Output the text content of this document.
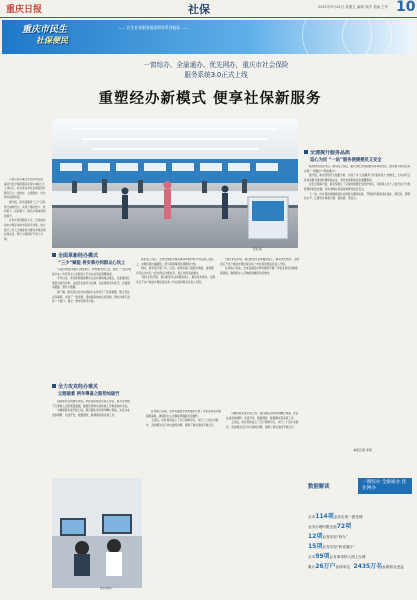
重庆日报	社保	2021年9月24日 星期五 编辑 刘洋 美编 王华 10
重庆市民生
社保便民
—— 民生社保服务提质增效系列报道 ——
一窗综办、全渝通办、优先网办，重庆市社会保险
服务系统3.0正式上线
重塑经办新模式 便享社保新服务

日前记者从重庆市社保局获悉，重庆市社会保险服务系统3.0版正式上线运行，标志着全市社会保险经办服务迈入一窗综办、全渝通办、优先网办的新阶段。

据介绍，新系统围绕“三少”目标进行重构设计，实现了跑动更少、材料更少、时间更少，群众办事体验明显提升。

在市社保局服务大厅，记者看到前来办理业务的市民秩序井然，综合窗口工作人员熟练地为群众办理各项社保业务，整个过程用时不到十分钟。

陈锐 摄
全面革新经办模式
“三少”赋能 将实事办到群众心坎上

“以前办理业务跑不同的窗口，材料要交好几次，现在一个窗口就能办完。”市民张女士在服务大厅办完业务后感慨地说。

今年以来，市社保局围绕群众企业办事的堵点难点，全面推进社保经办模式改革，以信息化建设为支撑，以流程再造为抓手，让数据多跑路、群众少跑腿。

据了解，新系统对全市社保经办业务进行了系统梳理，整合优化业务事项，实现了一窗受理、集成服务的综合柜员制，群众办事只需到一个窗口、提交一套材料即可办结。

新系统上线后，全市社保经办服务事项申报材料平均压减三成以上，办理时限大幅缩短，部分高频事项实现即时办结。

同时，新系统打通了市、区县、街道乡镇三级经办网络，参保群众可在全市任一经办网点办理业务，真正实现全渝通办。

“通过系统升级，我们把更多业务搬到线上，推动优先网办，让群众足不出户就能办理社保业务。”市社保局相关负责人介绍。

“通过系统升级，我们把更多业务搬到线上，推动优先网办，让群众足不出户就能办理社保业务。”市社保局相关负责人介绍。

在切换上线前，全市各级经办机构组织开展了多轮业务培训和模拟演练，确保经办人员熟练掌握新系统操作。

全力攻克经办难关
立跑破难 两年筹备之路势如破竹

回顾新系统的建设历程，市社保局相关负责人坦言，面对全市数千万参保人员的海量数据，数据迁移和系统切换工作难度前所未有。

为确保新系统平稳上线，项目团队历时两年精心筹备，先后完成需求调研、系统开发、数据清洗、联调测试等各项工作。

在切换上线前，全市各级经办机构组织开展了多轮业务培训和模拟演练，确保经办人员熟练掌握新系统操作。

上线后，市社保局成立了运行保障专班，实行二十四小时值守，及时解决运行中出现的问题，保障了新系统的平稳运行。

为确保新系统平稳上线，项目团队历时两年精心筹备，先后完成需求调研、系统开发、数据清洗、联调测试等各项工作。

上线后，市社保局成立了运行保障专班，实行二十四小时值守，及时解决运行中出现的问题，保障了新系统的平稳运行。

新系统演示
全速提升服务品质
追心为民 “一站”服务便捷便民又安全

服务群众没有终点。新系统上线后，重庆市社会保险服务将持续优化，推动更多社保业务实现“一网通办”“跨省通办”。

据介绍，新系统依托大数据分析，实现了从“人找服务”到“服务找人”的转变，主动为符合条件的群众推送待遇资格认证、养老金领取等信息提醒服务。

在安全保障方面，新系统建立了完善的数据安全防护体系，对参保人员个人信息实行分级管理和加密存储，切实保障社保基金和群众信息安全。

下一步，市社保局将继续深化社保经办服务改革，不断提升服务的标准化、规范化、便利化水平，让群众办事更方便、更快捷、更安心。

本报记者 李某
数据解读
一窗综办 全渝通办 优先网办
全市114项业务实现一窗受理
业务办理时限压缩72项
12项业务实现“秒办”
15项业务实现“跨省通办”
全市99项业务事项纳入网上办理
累计26万户参保单位、2435万名参保群众受益
